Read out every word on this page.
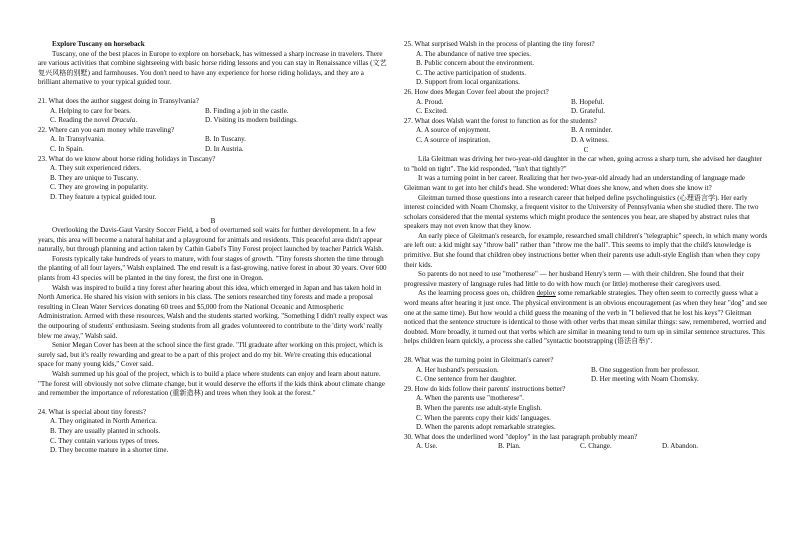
Explore Tuscany on horseback

Tuscany, one of the best places in Europe to explore on horseback, has witnessed a sharp increase in travelers. There are various activities that combine sightseeing with basic horse riding lessons and you can stay in Renaissance villas (文艺复兴风格的别墅) and farmhouses. You don't need to have any experience for horse riding holidays, and they are a brilliant alternative to your typical guided tour.

21. What does the author suggest doing in Transylvania?

A. Helping to care for bears.	B. Finding a job in the castle.
C. Reading the novel Dracula.	D. Visiting its modern buildings.

22. Where can you earn money while traveling?

A. In Transylvania.	B. In Tuscany.
C. In Spain.	D. In Austria.

23. What do we know about horse riding holidays in Tuscany?

A. They suit experienced riders.

B. They are unique to Tuscany.

C. They are growing in popularity.

D. They feature a typical guided tour.

B

Overlooking the Davis-Gaut Varsity Soccer Field, a bed of overturned soil waits for further development. In a few years, this area will become a natural habitat and a playground for animals and residents. This peaceful area didn't appear naturally, but through planning and action taken by Cathin Gabel's Tiny Forest project launched by teacher Patrick Walsh.

Forests typically take hundreds of years to mature, with four stages of growth. "Tiny forests shorten the time through the planting of all four layers," Walsh explained. The end result is a fast-growing, native forest in about 30 years. Over 600 plants from 43 species will be planted in the tiny forest, the first one in Oregon.

Walsh was inspired to build a tiny forest after hearing about this idea, which emerged in Japan and has taken hold in North America. He shared his vision with seniors in his class. The seniors researched tiny forests and made a proposal resulting in Clean Water Services donating 60 trees and $5,000 from the National Oceanic and Atmospheric Administration. Armed with these resources, Walsh and the students started working. "Something I didn't really expect was the outpouring of students' enthusiasm. Seeing students from all grades volunteered to contribute to the 'dirty work' really blew me away," Walsh said.

Senior Megan Cover has been at the school since the first grade. "I'll graduate after working on this project, which is surely sad, but it's really rewarding and great to be a part of this project and do my bit. We're creating this educational space for many young kids," Cover said.

Walsh summed up his goal of the project, which is to build a place where students can enjoy and learn about nature. "The forest will obviously not solve climate change, but it would deserve the efforts if the kids think about climate change and remember the importance of reforestation (重新造林) and trees when they look at the forest."

24. What is special about tiny forests?

A. They originated in North America.

B. They are usually planted in schools.

C. They contain various types of trees.

D. They become mature in a shorter time.

25. What surprised Walsh in the process of planting the tiny forest?

A. The abundance of native tree species.

B. Public concern about the environment.

C. The active participation of students.

D. Support from local organizations.

26. How does Megan Cover feel about the project?

A. Proud.	B. Hopeful.
C. Excited.	D. Grateful.

27. What does Walsh want the forest to function as for the students?

A. A source of enjoyment.	B. A reminder.
C. A source of inspiration.	D. A witness.

C

Lila Gleitman was driving her two-year-old daughter in the car when, going across a sharp turn, she advised her daughter to "hold on tight". The kid responded, "Isn't that tightly?"

It was a turning point in her career. Realizing that her two-year-old already had an understanding of language made Gleitman want to get into her child's head. She wondered: What does she know, and when does she know it?

Gleitman turned those questions into a research career that helped define psycholinguistics (心理语言学). Her early interest coincided with Noam Chomsky, a frequent visitor to the University of Pennsylvania when she studied there. The two scholars considered that the mental systems which might produce the sentences you hear, are shaped by abstract rules that speakers may not even know that they know.

An early piece of Gleitman's research, for example, researched small children's "telegraphic" speech, in which many words are left out: a kid might say "throw ball" rather than "throw me the ball". This seems to imply that the child's knowledge is primitive. But she found that children obey instructions better when their parents use adult-style English than when they copy their kids.

So parents do not need to use "motherese" — her husband Henry's term — with their children. She found that their progressive mastery of language rules had little to do with how much (or little) motherese their caregivers used.

As the learning process goes on, children deploy some remarkable strategies. They often seem to correctly guess what a word means after hearing it just once. The physical environment is an obvious encouragement (as when they hear "dog" and see one at the same time). But how would a child guess the meaning of the verb in "I believed that he lost his keys"? Gleitman noticed that the sentence structure is identical to those with other verbs that mean similar things: saw, remembered, worried and doubted. More broadly, it turned out that verbs which are similar in meaning tend to turn up in similar sentence structures. This helps children learn quickly, a process she called "syntactic bootstrapping (语法自举)".

28. What was the turning point in Gleitman's career?

A. Her husband's persuasion.	B. One suggestion from her professor.
C. One sentence from her daughter.	D. Her meeting with Noam Chomsky.

29. How do kids follow their parents' instructions better?

A. When the parents use "motherese".

B. When the parents use adult-style English.

C. When the parents copy their kids' languages.

D. When the parents adopt remarkable strategies.

30. What does the underlined word "deploy" in the last paragraph probably mean?

A. Use.	B. Plan.	C. Change.	D. Abandon.
